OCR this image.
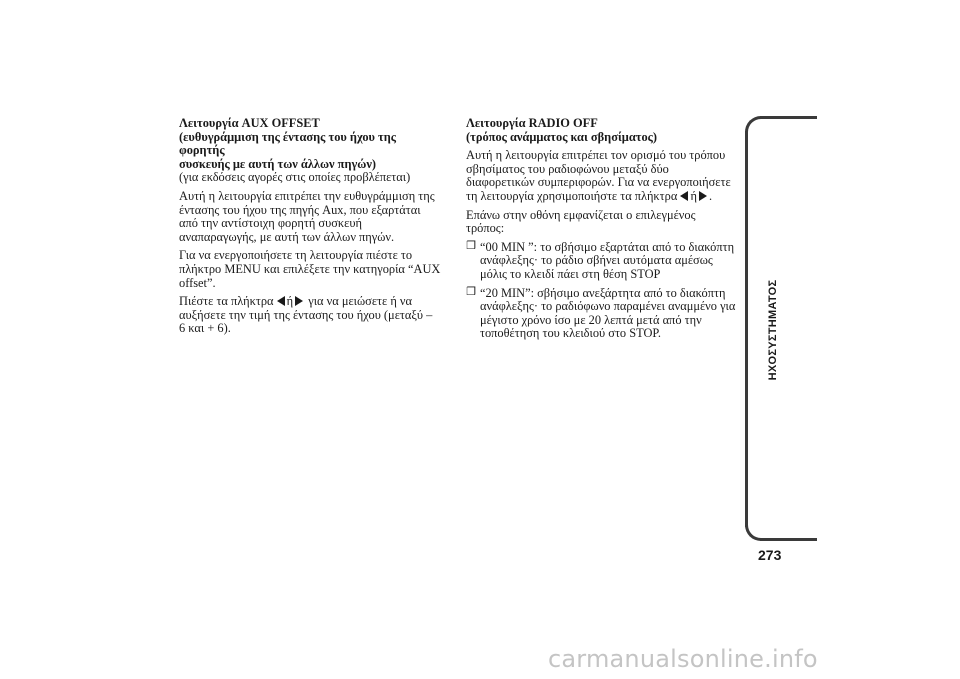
Λειτουργία AUX OFFSET
(ευθυγράμμιση της έντασης του ήχου της φορητής
συσκευής με αυτή των άλλων πηγών)

(για εκδόσεις αγορές στις οποίες προβλέπεται)

Αυτή η λειτουργία επιτρέπει την ευθυγράμμιση της έντασης του ήχου της πηγής Aux, που εξαρτάται από την αντίστοιχη φορητή συσκευή αναπαραγωγής, με αυτή των άλλων πηγών.

Για να ενεργοποιήσετε τη λειτουργία πιέστε το πλήκτρο MENU και επιλέξετε την κατηγορία “AUX offset”.

Πιέστε τα πλήκτρα ή για να μειώσετε ή να αυξήσετε την τιμή της έντασης του ήχου (μεταξύ – 6 και + 6).

Λειτουργία RADIO OFF
(τρόπος ανάμματος και σβησίματος)

Αυτή η λειτουργία επιτρέπει τον ορισμό του τρόπου σβησίματος του ραδιοφώνου μεταξύ δύο διαφορετικών συμπεριφορών. Για να ενεργοποιήσετε τη λειτουργία χρησιμοποιήστε τα πλήκτρα ή .

Επάνω στην οθόνη εμφανίζεται ο επιλεγμένος τρόπος:

❒ “00 MIN ”: το σβήσιμο εξαρτάται από το διακόπτη ανάφλεξης· το ράδιο σβήνει αυτόματα αμέσως μόλις το κλειδί πάει στη θέση STOP
❒ “20 MIN”: σβήσιμο ανεξάρτητα από το διακόπτη ανάφλεξης· το ραδιόφωνο παραμένει αναμμένο για μέγιστο χρόνο ίσο με 20 λεπτά μετά από την τοποθέτηση του κλειδιού στο STOP.	ΗΧΟΣΥΣΤΗΜΑΤΟΣ
273
carmanualsonline.info
